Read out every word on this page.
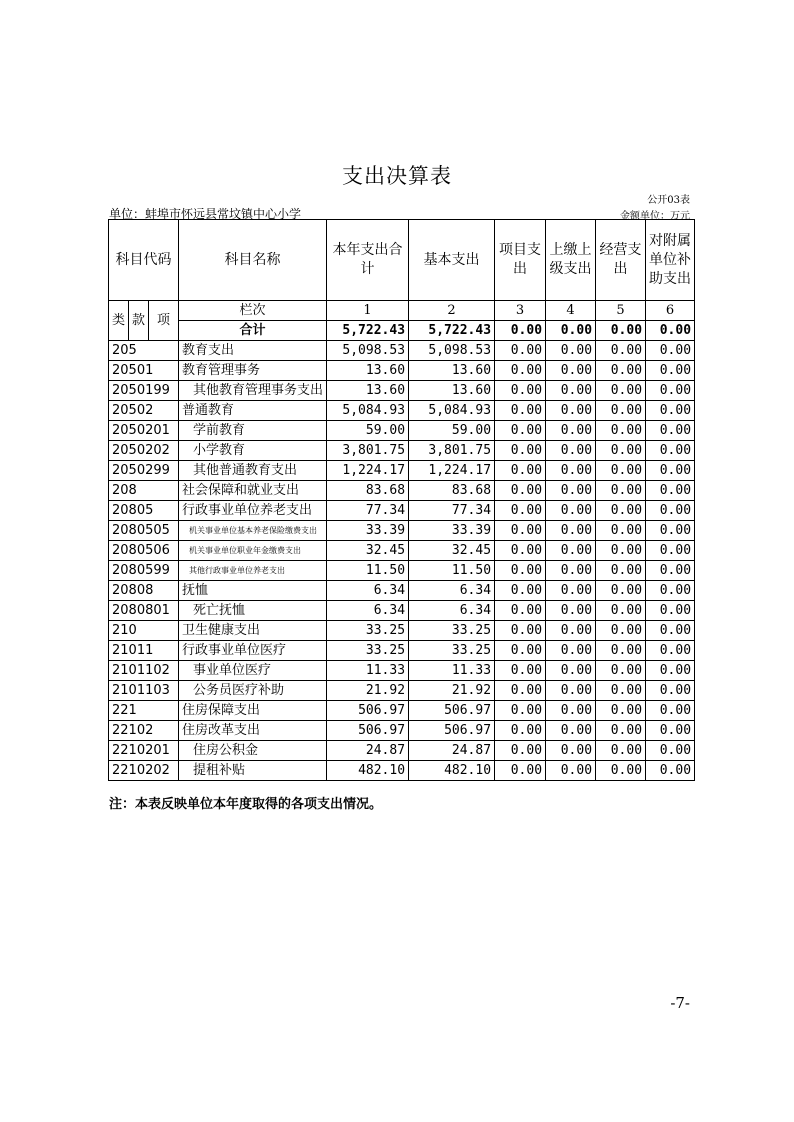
支出决算表
公开03表
单位：蚌埠市怀远县常坟镇中心小学	金额单位：万元
科目代码			科目名称	本年支出合计	基本支出	项目支出	上缴上级支出	经营支出	对附属单位补助支出
类	款	项	栏次	1	2	3	4	5	6
			合计	5,722.43	5,722.43	0.00	0.00	0.00	0.00
205			教育支出	5,098.53	5,098.53	0.00	0.00	0.00	0.00
20501			教育管理事务	13.60	13.60	0.00	0.00	0.00	0.00
2050199			其他教育管理事务支出	13.60	13.60	0.00	0.00	0.00	0.00
20502			普通教育	5,084.93	5,084.93	0.00	0.00	0.00	0.00
2050201			学前教育	59.00	59.00	0.00	0.00	0.00	0.00
2050202			小学教育	3,801.75	3,801.75	0.00	0.00	0.00	0.00
2050299			其他普通教育支出	1,224.17	1,224.17	0.00	0.00	0.00	0.00
208			社会保障和就业支出	83.68	83.68	0.00	0.00	0.00	0.00
20805			行政事业单位养老支出	77.34	77.34	0.00	0.00	0.00	0.00
2080505			机关事业单位基本养老保险缴费支出	33.39	33.39	0.00	0.00	0.00	0.00
2080506			机关事业单位职业年金缴费支出	32.45	32.45	0.00	0.00	0.00	0.00
2080599			其他行政事业单位养老支出	11.50	11.50	0.00	0.00	0.00	0.00
20808			抚恤	6.34	6.34	0.00	0.00	0.00	0.00
2080801			死亡抚恤	6.34	6.34	0.00	0.00	0.00	0.00
210			卫生健康支出	33.25	33.25	0.00	0.00	0.00	0.00
21011			行政事业单位医疗	33.25	33.25	0.00	0.00	0.00	0.00
2101102			事业单位医疗	11.33	11.33	0.00	0.00	0.00	0.00
2101103			公务员医疗补助	21.92	21.92	0.00	0.00	0.00	0.00
221			住房保障支出	506.97	506.97	0.00	0.00	0.00	0.00
22102			住房改革支出	506.97	506.97	0.00	0.00	0.00	0.00
2210201			住房公积金	24.87	24.87	0.00	0.00	0.00	0.00
2210202			提租补贴	482.10	482.10	0.00	0.00	0.00	0.00
注：本表反映单位本年度取得的各项支出情况。
-7-
